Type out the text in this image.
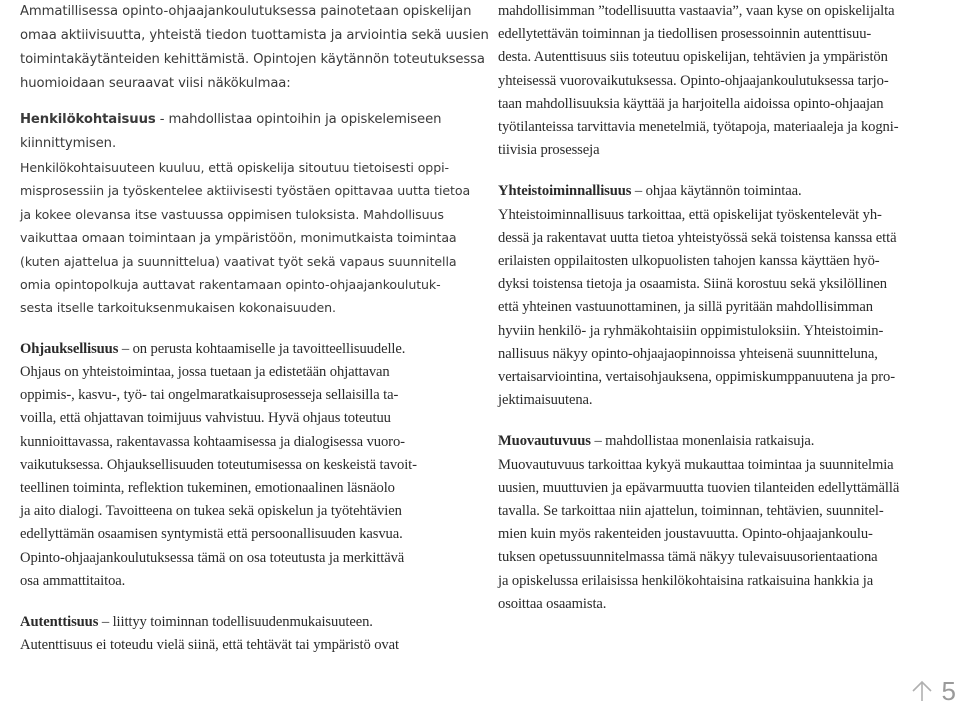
Ammatillisessa opinto-ohjaajankoulutuksessa painotetaan opiskelijan
omaa aktiivisuutta, yhteistä tiedon tuottamista ja arviointia sekä uusien
toimintakäytänteiden kehittämistä. Opintojen käytännön toteutuksessa
huomioidaan seuraavat viisi näkökulmaa:
Henkilökohtaisuus - mahdollistaa opintoihin ja opiskelemiseen
kiinnittymisen.
Henkilökohtaisuuteen kuuluu, että opiskelija sitoutuu tietoisesti oppi-
misprosessiin ja työskentelee aktiivisesti työstäen opittavaa uutta tietoa
ja kokee olevansa itse vastuussa oppimisen tuloksista. Mahdollisuus
vaikuttaa omaan toimintaan ja ympäristöön, monimutkaista toimintaa
(kuten ajattelua ja suunnittelua) vaativat työt sekä vapaus suunnitella
omia opintopolkuja auttavat rakentamaan opinto-ohjaajankoulutuk-
sesta itselle tarkoituksenmukaisen kokonaisuuden.
Ohjauksellisuus – on perusta kohtaamiselle ja tavoitteellisuudelle.
Ohjaus on yhteistoimintaa, jossa tuetaan ja edistetään ohjattavan
oppimis-, kasvu-, työ- tai ongelmaratkaisuprosesseja sellaisilla ta-
voilla, että ohjattavan toimijuus vahvistuu. Hyvä ohjaus toteutuu
kunnioittavassa, rakentavassa kohtaamisessa ja dialogisessa vuoro-
vaikutuksessa. Ohjauksellisuuden toteutumisessa on keskeistä tavoit-
teellinen toiminta, reflektion tukeminen, emotionaalinen läsnäolo
ja aito dialogi. Tavoitteena on tukea sekä opiskelun ja työtehtävien
edellyttämän osaamisen syntymistä että persoonallisuuden kasvua.
Opinto-ohjaajankoulutuksessa tämä on osa toteutusta ja merkittävä
osa ammattitaitoa.
Autenttisuus – liittyy toiminnan todellisuudenmukaisuuteen.
Autenttisuus ei toteudu vielä siinä, että tehtävät tai ympäristö ovat
mahdollisimman ”todellisuutta vastaavia”, vaan kyse on opiskelijalta
edellytettävän toiminnan ja tiedollisen prosessoinnin autenttisuu-
desta. Autenttisuus siis toteutuu opiskelijan, tehtävien ja ympäristön
yhteisessä vuorovaikutuksessa. Opinto-ohjaajankoulutuksessa tarjo-
taan mahdollisuuksia käyttää ja harjoitella aidoissa opinto-ohjaajan
työtilanteissa tarvittavia menetelmiä, työtapoja, materiaaleja ja kogni-
tiivisia prosesseja
Yhteistoiminnallisuus – ohjaa käytännön toimintaa.
Yhteistoiminnallisuus tarkoittaa, että opiskelijat työskentelevät yh-
dessä ja rakentavat uutta tietoa yhteistyössä sekä toistensa kanssa että
erilaisten oppilaitosten ulkopuolisten tahojen kanssa käyttäen hyö-
dyksi toistensa tietoja ja osaamista. Siinä korostuu sekä yksilöllinen
että yhteinen vastuunottaminen, ja sillä pyritään mahdollisimman
hyviin henkilö- ja ryhmäkohtaisiin oppimistuloksiin. Yhteistoimin-
nallisuus näkyy opinto-ohjaajaopinnoissa yhteisenä suunnitteluna,
vertaisarviointina, vertaisohjauksena, oppimiskumppanuutena ja pro-
jektimaisuutena.
Muovautuvuus – mahdollistaa monenlaisia ratkaisuja.
Muovautuvuus tarkoittaa kykyä mukauttaa toimintaa ja suunnitelmia
uusien, muuttuvien ja epävarmuutta tuovien tilanteiden edellyttämällä
tavalla. Se tarkoittaa niin ajattelun, toiminnan, tehtävien, suunnitel-
mien kuin myös rakenteiden joustavuutta. Opinto-ohjaajankoulu-
tuksen opetussuunnitelmassa tämä näkyy tulevaisuusorientaationa
ja opiskelussa erilaisissa henkilökohtaisina ratkaisuina hankkia ja
osoittaa osaamista.
5
